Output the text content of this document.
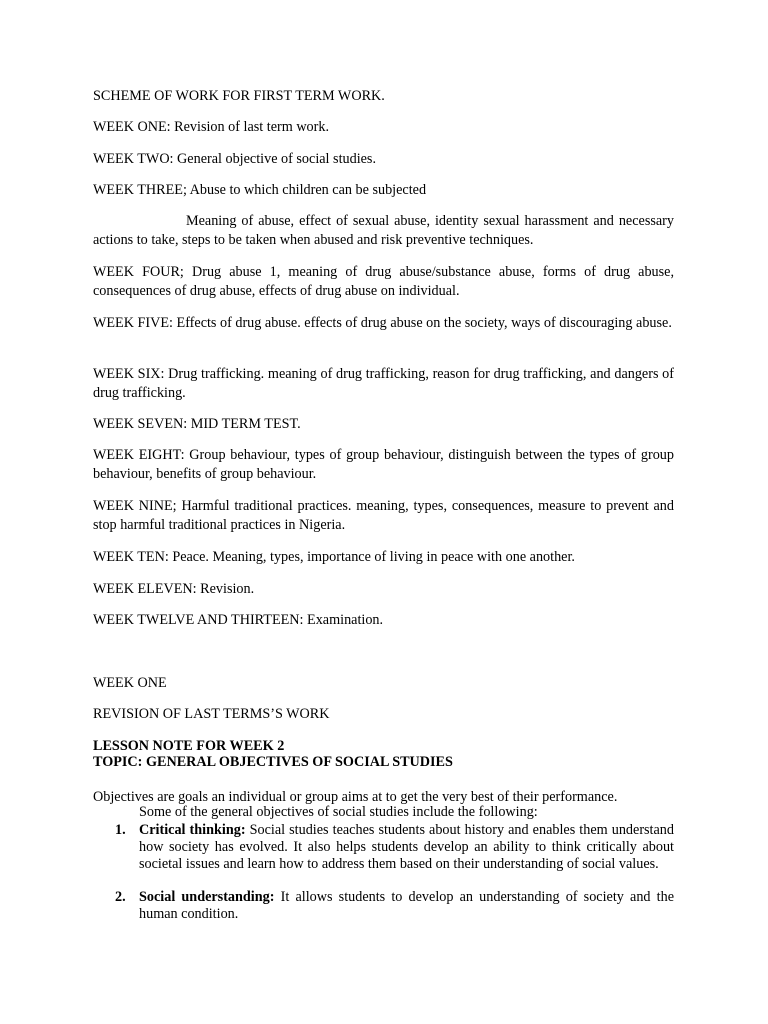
SCHEME OF WORK FOR FIRST TERM WORK.

WEEK ONE: Revision of last term work.

WEEK TWO: General objective of social studies.

WEEK THREE; Abuse to which children can be subjected

Meaning of abuse, effect of sexual abuse, identity sexual harassment and necessary actions to take, steps to be taken when abused and risk preventive techniques.

WEEK FOUR; Drug abuse 1, meaning of drug abuse/substance abuse, forms of drug abuse, consequences of drug abuse, effects of drug abuse on individual.

WEEK FIVE: Effects of drug abuse. effects of drug abuse on the society, ways of discouraging abuse.

WEEK SIX: Drug trafficking. meaning of drug trafficking, reason for drug trafficking, and dangers of drug trafficking.

WEEK SEVEN: MID TERM TEST.

WEEK EIGHT: Group behaviour, types of group behaviour, distinguish between the types of group behaviour, benefits of group behaviour.

WEEK NINE; Harmful traditional practices. meaning, types, consequences, measure to prevent and stop harmful traditional practices in Nigeria.

WEEK TEN: Peace. Meaning, types, importance of living in peace with one another.

WEEK ELEVEN: Revision.

WEEK TWELVE AND THIRTEEN: Examination.

WEEK ONE

REVISION OF LAST TERMS’S WORK

LESSON NOTE FOR WEEK 2

TOPIC: GENERAL OBJECTIVES OF SOCIAL STUDIES

Objectives are goals an individual or group aims at to get the very best of their performance.

Some of the general objectives of social studies include the following:

1. Critical thinking: Social studies teaches students about history and enables them understand how society has evolved. It also helps students develop an ability to think critically about societal issues and learn how to address them based on their understanding of social values.
2. Social understanding: It allows students to develop an understanding of society and the human condition.
